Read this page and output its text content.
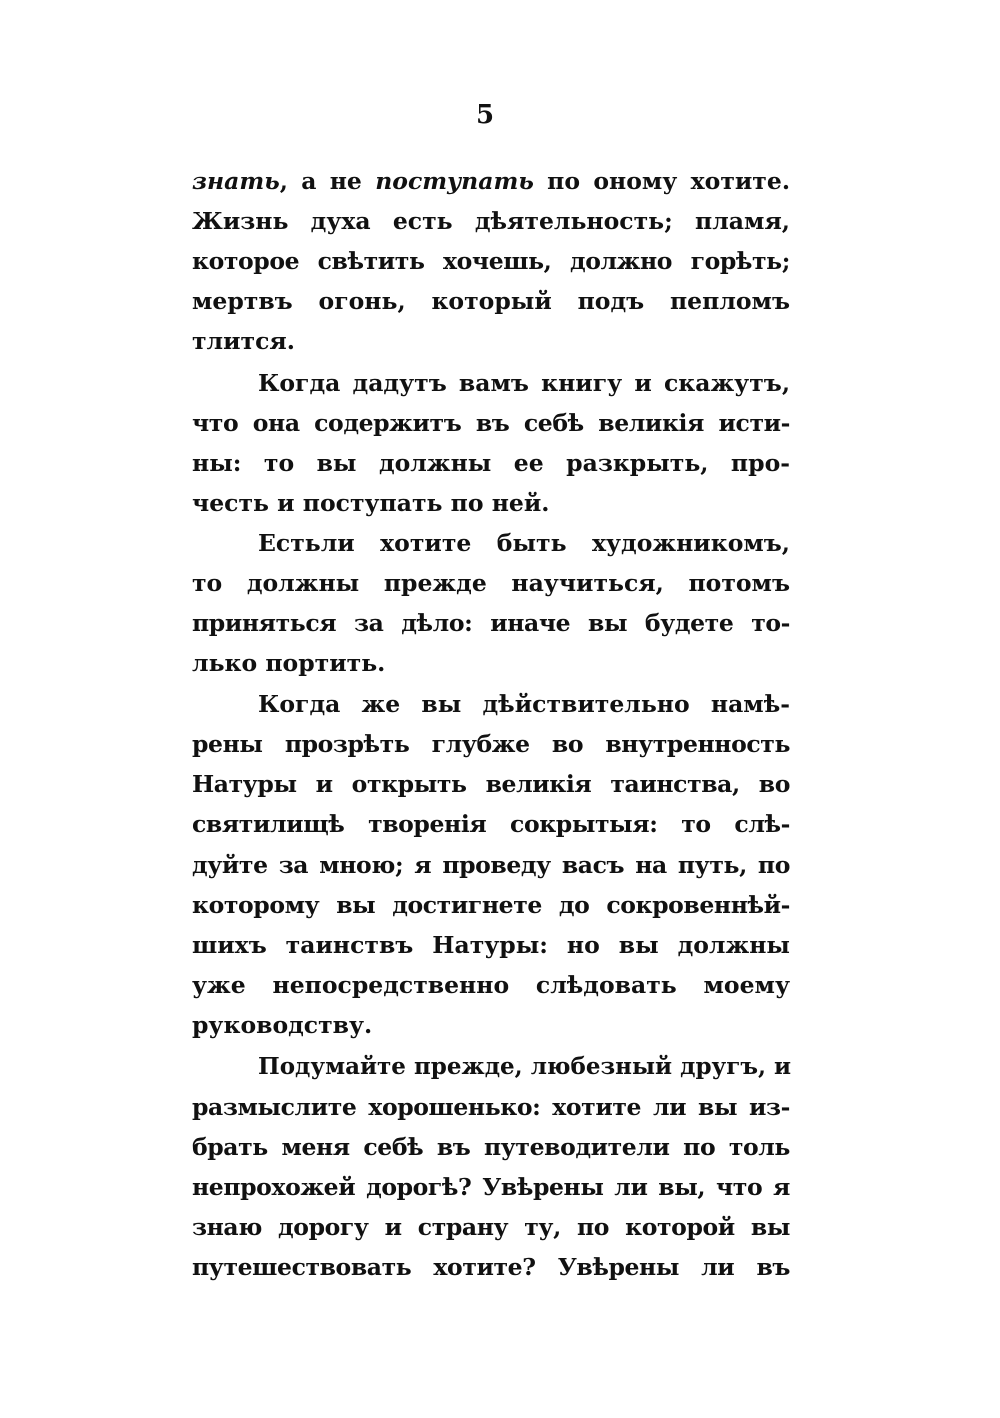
5
знать, а не поступать по оному хотите.
Жизнь духа есть дѣятельность; пламя,
которое свѣтить хочешь, должно горѣть;
мертвъ огонь, который подъ пепломъ
тлится.
Когда дадутъ вамъ книгу и скажутъ,
что она содержитъ въ себѣ великія исти-
ны: то вы должны ее разкрыть, про-
честь и поступать по ней.
Естьли хотите быть художникомъ,
то должны прежде научиться, потомъ
приняться за дѣло: иначе вы будете то-
лько портить.
Когда же вы дѣйствительно намѣ-
рены прозрѣть глубже во внутренность
Натуры и открыть великія таинства, во
святилищѣ творенія сокрытыя: то слѣ-
дуйте за мною; я проведу васъ на путь, по
которому вы достигнете до сокровеннѣй-
шихъ таинствъ Натуры: но вы должны
уже непосредственно слѣдовать моему
руководству.
Подумайте прежде, любезный другъ, и
размыслите хорошенько: хотите ли вы из-
брать меня себѣ въ путеводители по толь
непрохожей дорогѣ? Увѣрены ли вы, что я
знаю дорогу и страну ту, по которой вы
путешествовать хотите? Увѣрены ли въ
